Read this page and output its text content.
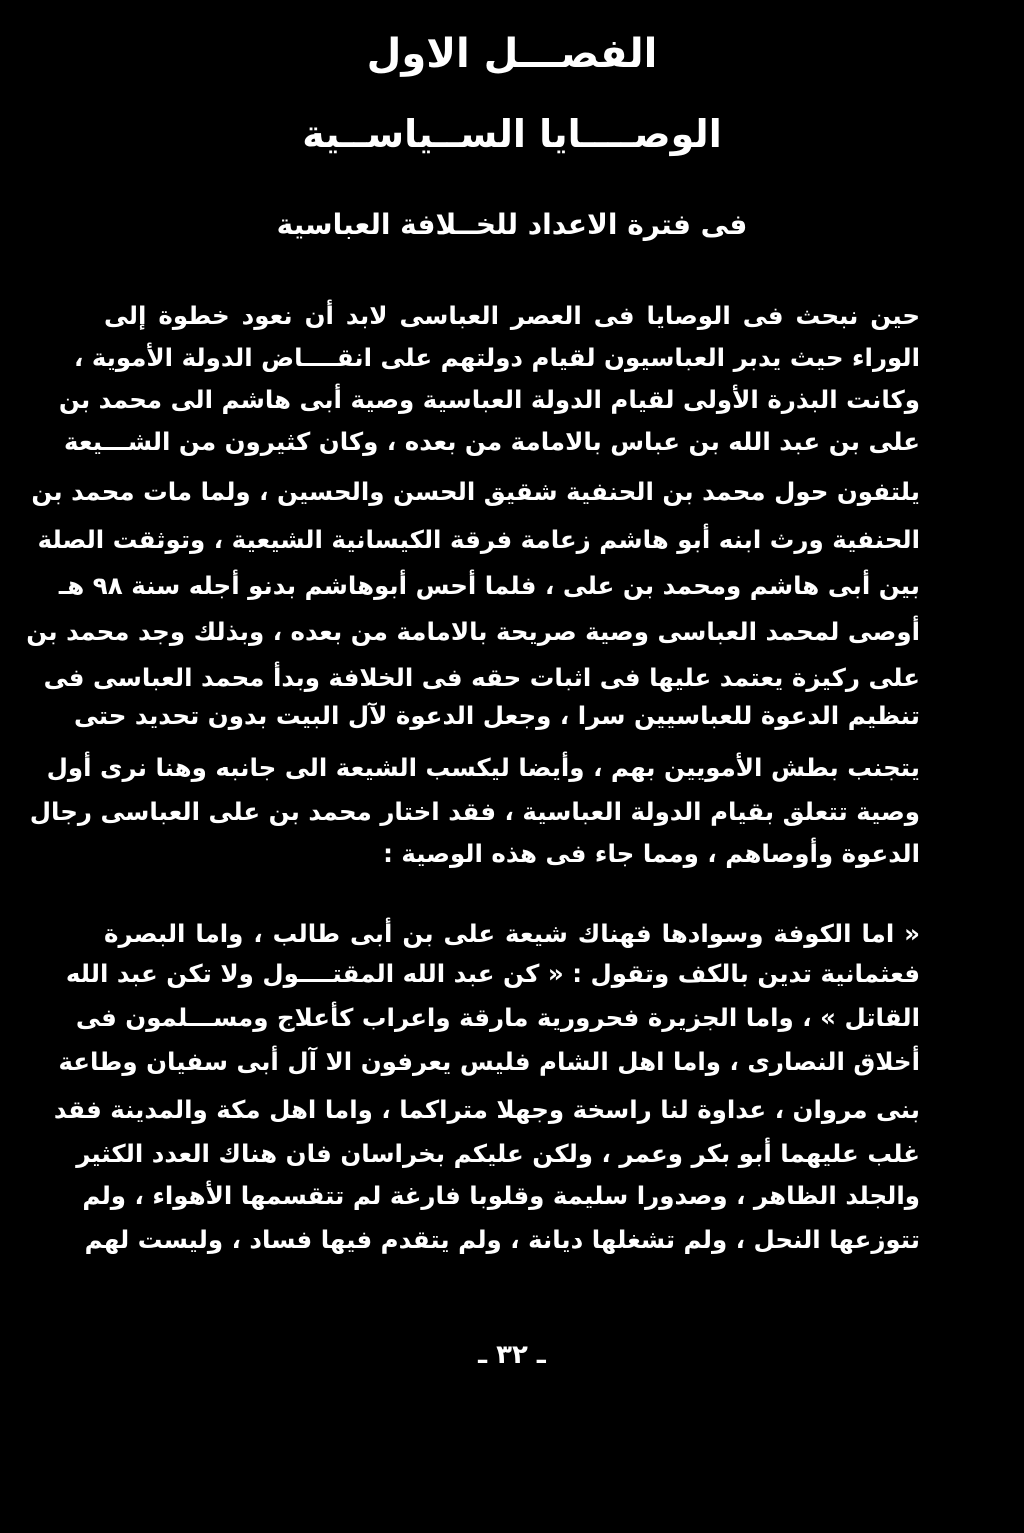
الفصـــل الاول
الوصــــايا الســياســية
فى فترة الاعداد للخــلافة العباسية
حين نبحث فى الوصايا فى العصر العباسى لابد أن نعود خطوة إلى
الوراء حيث يدبر العباسيون لقيام دولتهم على انقــــاض الدولة الأموية ،
وكانت البذرة الأولى لقيام الدولة العباسية وصية أبى هاشم الى محمد بن
على بن عبد الله بن عباس بالامامة من بعده ، وكان كثيرون من الشـــيعة
يلتفون حول محمد بن الحنفية شقيق الحسن والحسين ، ولما مات محمد بن
الحنفية ورث ابنه أبو هاشم زعامة فرقة الكيسانية الشيعية ، وتوثقت الصلة
بين أبى هاشم ومحمد بن على ، فلما أحس أبوهاشم بدنو أجله سنة ٩٨ هـ
أوصى لمحمد العباسى وصية صريحة بالامامة من بعده ، وبذلك وجد محمد بن
على ركيزة يعتمد عليها فى اثبات حقه فى الخلافة وبدأ محمد العباسى فى
تنظيم الدعوة للعباسيين سرا ، وجعل الدعوة لآل البيت بدون تحديد حتى
يتجنب بطش الأمويين بهم ، وأيضا ليكسب الشيعة الى جانبه وهنا نرى أول
وصية تتعلق بقيام الدولة العباسية ، فقد اختار محمد بن على العباسى رجال
الدعوة وأوصاهم ، ومما جاء فى هذه الوصية :
« اما الكوفة وسوادها فهناك شيعة على بن أبى طالب ، واما البصرة
فعثمانية تدين بالكف وتقول : « كن عبد الله المقتــــول ولا تكن عبد الله
القاتل » ، واما الجزيرة فحرورية مارقة واعراب كأعلاج ومســـلمون فى
أخلاق النصارى ، واما اهل الشام فليس يعرفون الا آل أبى سفيان وطاعة
بنى مروان ، عداوة لنا راسخة وجهلا متراكما ، واما اهل مكة والمدينة فقد
غلب عليهما أبو بكر وعمر ، ولكن عليكم بخراسان فان هناك العدد الكثير
والجلد الظاهر ، وصدورا سليمة وقلوبا فارغة لم تتقسمها الأهواء ، ولم
تتوزعها النحل ، ولم تشغلها ديانة ، ولم يتقدم فيها فساد ، وليست لهم
ـ ٣٢ ـ
